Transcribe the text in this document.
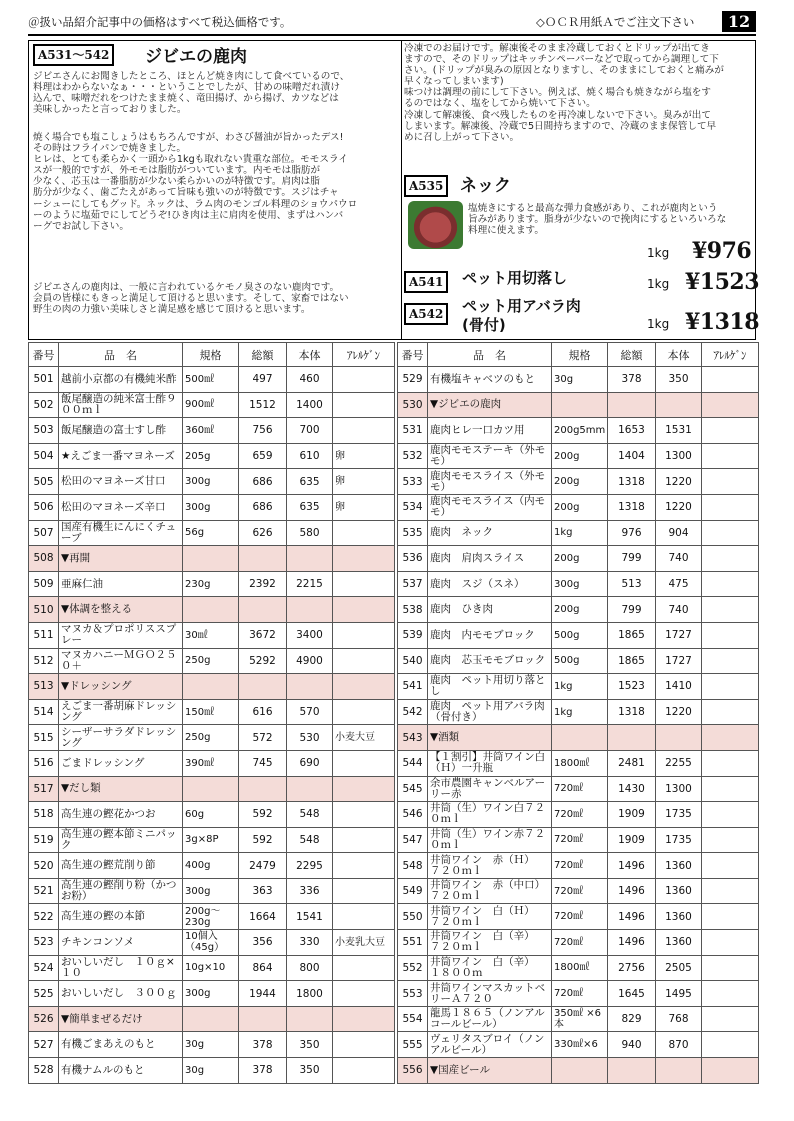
＠扱い品紹介記事中の価格はすべて税込価格です。	◇ＯＣＲ用紙Ａでご注文下さい	12
A531～542 ジビエの鹿肉
ジビエさんにお聞きしたところ、ほとんど焼き肉にして食べているので、
料理はわからないなぁ・・・ということでしたが、甘めの味噌だれ漬け
込んで、味噌だれをつけたまま焼く、竜田揚げ、から揚げ、カツなどは
美味しかったと言っておりました。
焼く場合でも塩こしょうはもちろんですが、わさび醤油が旨かったデス!
その時はフライパンで焼きました。
ヒレは、とても柔らかく一頭から1kgも取れない貴重な部位。モモスライ
スが一般的ですが、外モモは脂肪がついています。内モモは脂肪が
少なく、芯玉は一番脂肪が少ない柔らかいのが特徴です。肩肉は脂
肪分が少なく、歯ごたえがあって旨味も強いのが特徴です。スジはチャ
ーシューにしてもグッド。ネックは、ラム肉のモンゴル料理のショウパウロ
ーのように塩茹でにしてどうぞ!ひき肉は主に肩肉を使用、まずはハンバ
ーグでお試し下さい。
ジビエさんの鹿肉は、一般に言われているケモノ臭さのない鹿肉です。
会員の皆様にもきっと満足して頂けると思います。そして、家畜ではない
野生の肉の力強い美味しさと満足感を感じて頂けると思います。
冷凍でのお届けです。解凍後そのまま冷蔵しておくとドリップが出てき
ますので、そのドリップはキッチンペーパーなどで取ってから調理して下
さい。(ドリップが臭みの原因となりますし、そのままにしておくと痛みが
早くなってしまいます)
味つけは調理の前にして下さい。例えば、焼く場合も焼きながら塩をす
るのではなく、塩をしてから焼いて下さい。
冷凍して解凍後、食べ残したものを再冷凍しないで下さい。臭みが出て
しまいます。解凍後、冷蔵で5日間持ちますので、冷蔵のまま保管して早
めに召し上がって下さい。
A535 ネック
塩焼きにすると最高な弾力食感があり、これが鹿肉という
旨みがあります。脂身が少ないので挽肉にするといろいろな
料理に使えます。
1kg ¥976
A541	ペット用切落し	1kg ¥1523
A542	ペット用アバラ肉
(骨付)	1kg ¥1318
番号	品　名	規格	総額	本体	ｱﾚﾙｹﾞﾝ
501	越前小京都の有機純米酢	500㎖	497	460	
502	飯尾醸造の純米富士酢９００ｍｌ	900㎖	1512	1400	
503	飯尾醸造の富士すし酢	360㎖	756	700	
504	★えごま一番マヨネーズ	205g	659	610	卵
505	松田のマヨネーズ甘口	300g	686	635	卵
506	松田のマヨネーズ辛口	300g	686	635	卵
507	国産有機生にんにくチューブ	56g	626	580	
508	▼再開				
509	亜麻仁油	230g	2392	2215	
510	▼体調を整える				
511	マヌカ＆プロポリススプレー	30㎖	3672	3400	
512	マヌカハニーＭＧＯ２５０＋	250g	5292	4900	
513	▼ドレッシング				
514	えごま一番胡麻ドレッシング	150㎖	616	570	
515	シーザーサラダドレッシング	250g	572	530	小麦大豆
516	ごまドレッシング	390㎖	745	690	
517	▼だし類				
518	高生連の鰹花かつお	60g	592	548	
519	高生連の鰹本節ミニパック	3g×8P	592	548	
520	高生連の鰹荒削り節	400g	2479	2295	
521	高生連の鰹削り粉（かつお粉）	300g	363	336	
522	高生連の鰹の本節	200g～230g	1664	1541	
523	チキンコンソメ	10個入（45g）	356	330	小麦乳大豆
524	おいしいだし　１０ｇ×１０	10g×10	864	800	
525	おいしいだし　３００ｇ	300g	1944	1800	
526	▼簡単まぜるだけ				
527	有機ごまあえのもと	30g	378	350	
528	有機ナムルのもと	30g	378	350	
番号	品　名	規格	総額	本体	ｱﾚﾙｹﾞﾝ
529	有機塩キャベツのもと	30g	378	350	
530	▼ジビエの鹿肉				
531	鹿肉ヒレ一口カツ用	200g5mm	1653	1531	
532	鹿肉モモステーキ（外モモ）	200g	1404	1300	
533	鹿肉モモスライス（外モモ）	200g	1318	1220	
534	鹿肉モモスライス（内モモ）	200g	1318	1220	
535	鹿肉　ネック	1kg	976	904	
536	鹿肉　肩肉スライス	200g	799	740	
537	鹿肉　スジ（スネ）	300g	513	475	
538	鹿肉　ひき肉	200g	799	740	
539	鹿肉　内モモブロック	500g	1865	1727	
540	鹿肉　芯玉モモブロック	500g	1865	1727	
541	鹿肉　ペット用切り落とし	1kg	1523	1410	
542	鹿肉　ペット用アバラ肉（骨付き）	1kg	1318	1220	
543	▼酒類				
544	【１割引】井筒ワイン白（Ｈ）一升瓶	1800㎖	2481	2255	
545	余市農園キャンベルアーリー赤	720㎖	1430	1300	
546	井筒（生）ワイン白７２０ｍｌ	720㎖	1909	1735	
547	井筒（生）ワイン赤７２０ｍｌ	720㎖	1909	1735	
548	井筒ワイン　赤（Ｈ）　７２０ｍｌ	720㎖	1496	1360	
549	井筒ワイン　赤（中口）　７２０ｍｌ	720㎖	1496	1360	
550	井筒ワイン　白（Ｈ）　７２０ｍｌ	720㎖	1496	1360	
551	井筒ワイン　白（辛）　７２０ｍｌ	720㎖	1496	1360	
552	井筒ワイン　白（辛）　１８００ｍ	1800㎖	2756	2505	
553	井筒ワインマスカットベリーＡ７２０	720㎖	1645	1495	
554	龍馬１８６５（ノンアルコールビール）	350㎖ ×6本	829	768	
555	ヴェリタスブロイ（ノンアルビール）	330㎖×6	940	870	
556	▼国産ビール				
